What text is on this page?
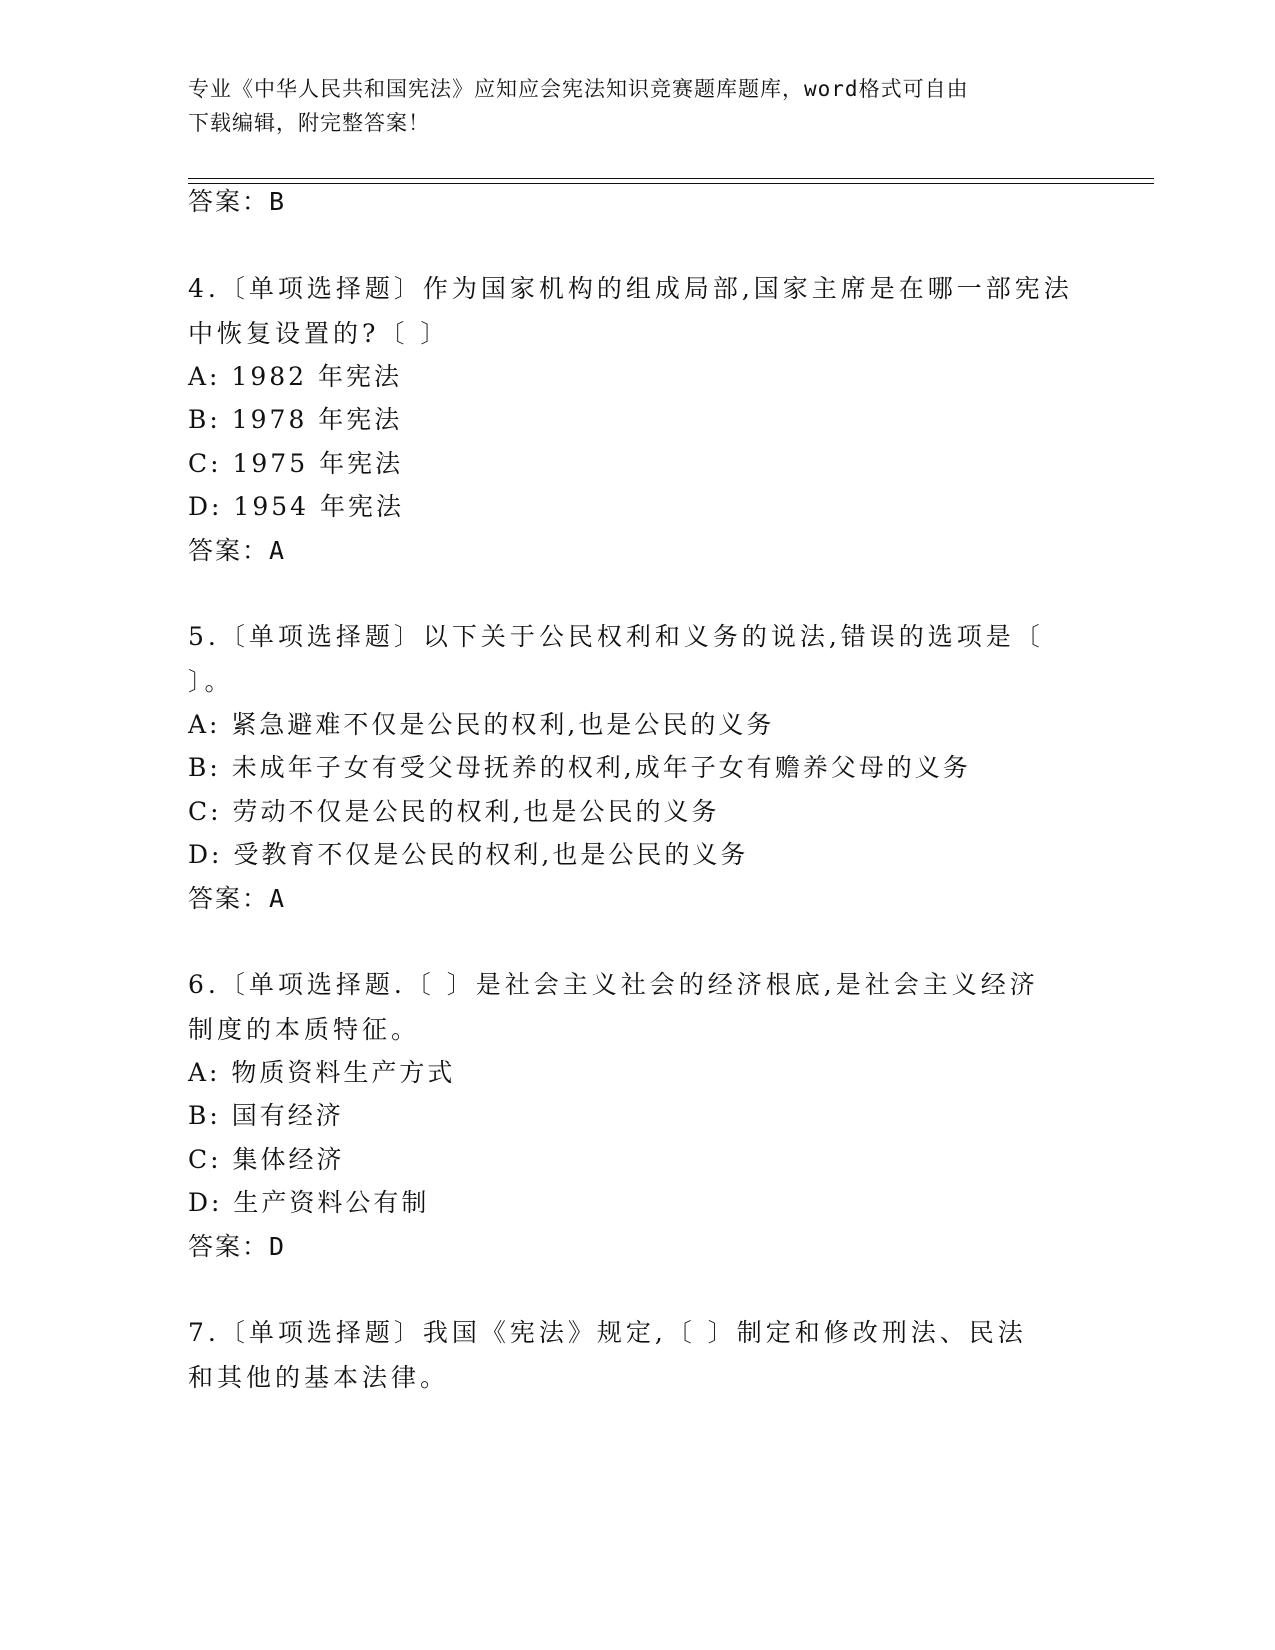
专业《中华人民共和国宪法》应知应会宪法知识竞赛题库题库，word格式可自由
下载编辑，附完整答案！
答案：B
4.〔单项选择题〕作为国家机构的组成局部,国家主席是在哪一部宪法
中恢复设置的?〔 〕
A: 1982 年宪法
B: 1978 年宪法
C: 1975 年宪法
D: 1954 年宪法
答案：A
5.〔单项选择题〕以下关于公民权利和义务的说法,错误的选项是〔
〕。
A: 紧急避难不仅是公民的权利,也是公民的义务
B: 未成年子女有受父母抚养的权利,成年子女有赡养父母的义务
C: 劳动不仅是公民的权利,也是公民的义务
D: 受教育不仅是公民的权利,也是公民的义务
答案：A
6.〔单项选择题.〔 〕是社会主义社会的经济根底,是社会主义经济
制度的本质特征。
A: 物质资料生产方式
B: 国有经济
C: 集体经济
D: 生产资料公有制
答案：D
7.〔单项选择题〕我国《宪法》规定,〔 〕制定和修改刑法、民法
和其他的基本法律。
